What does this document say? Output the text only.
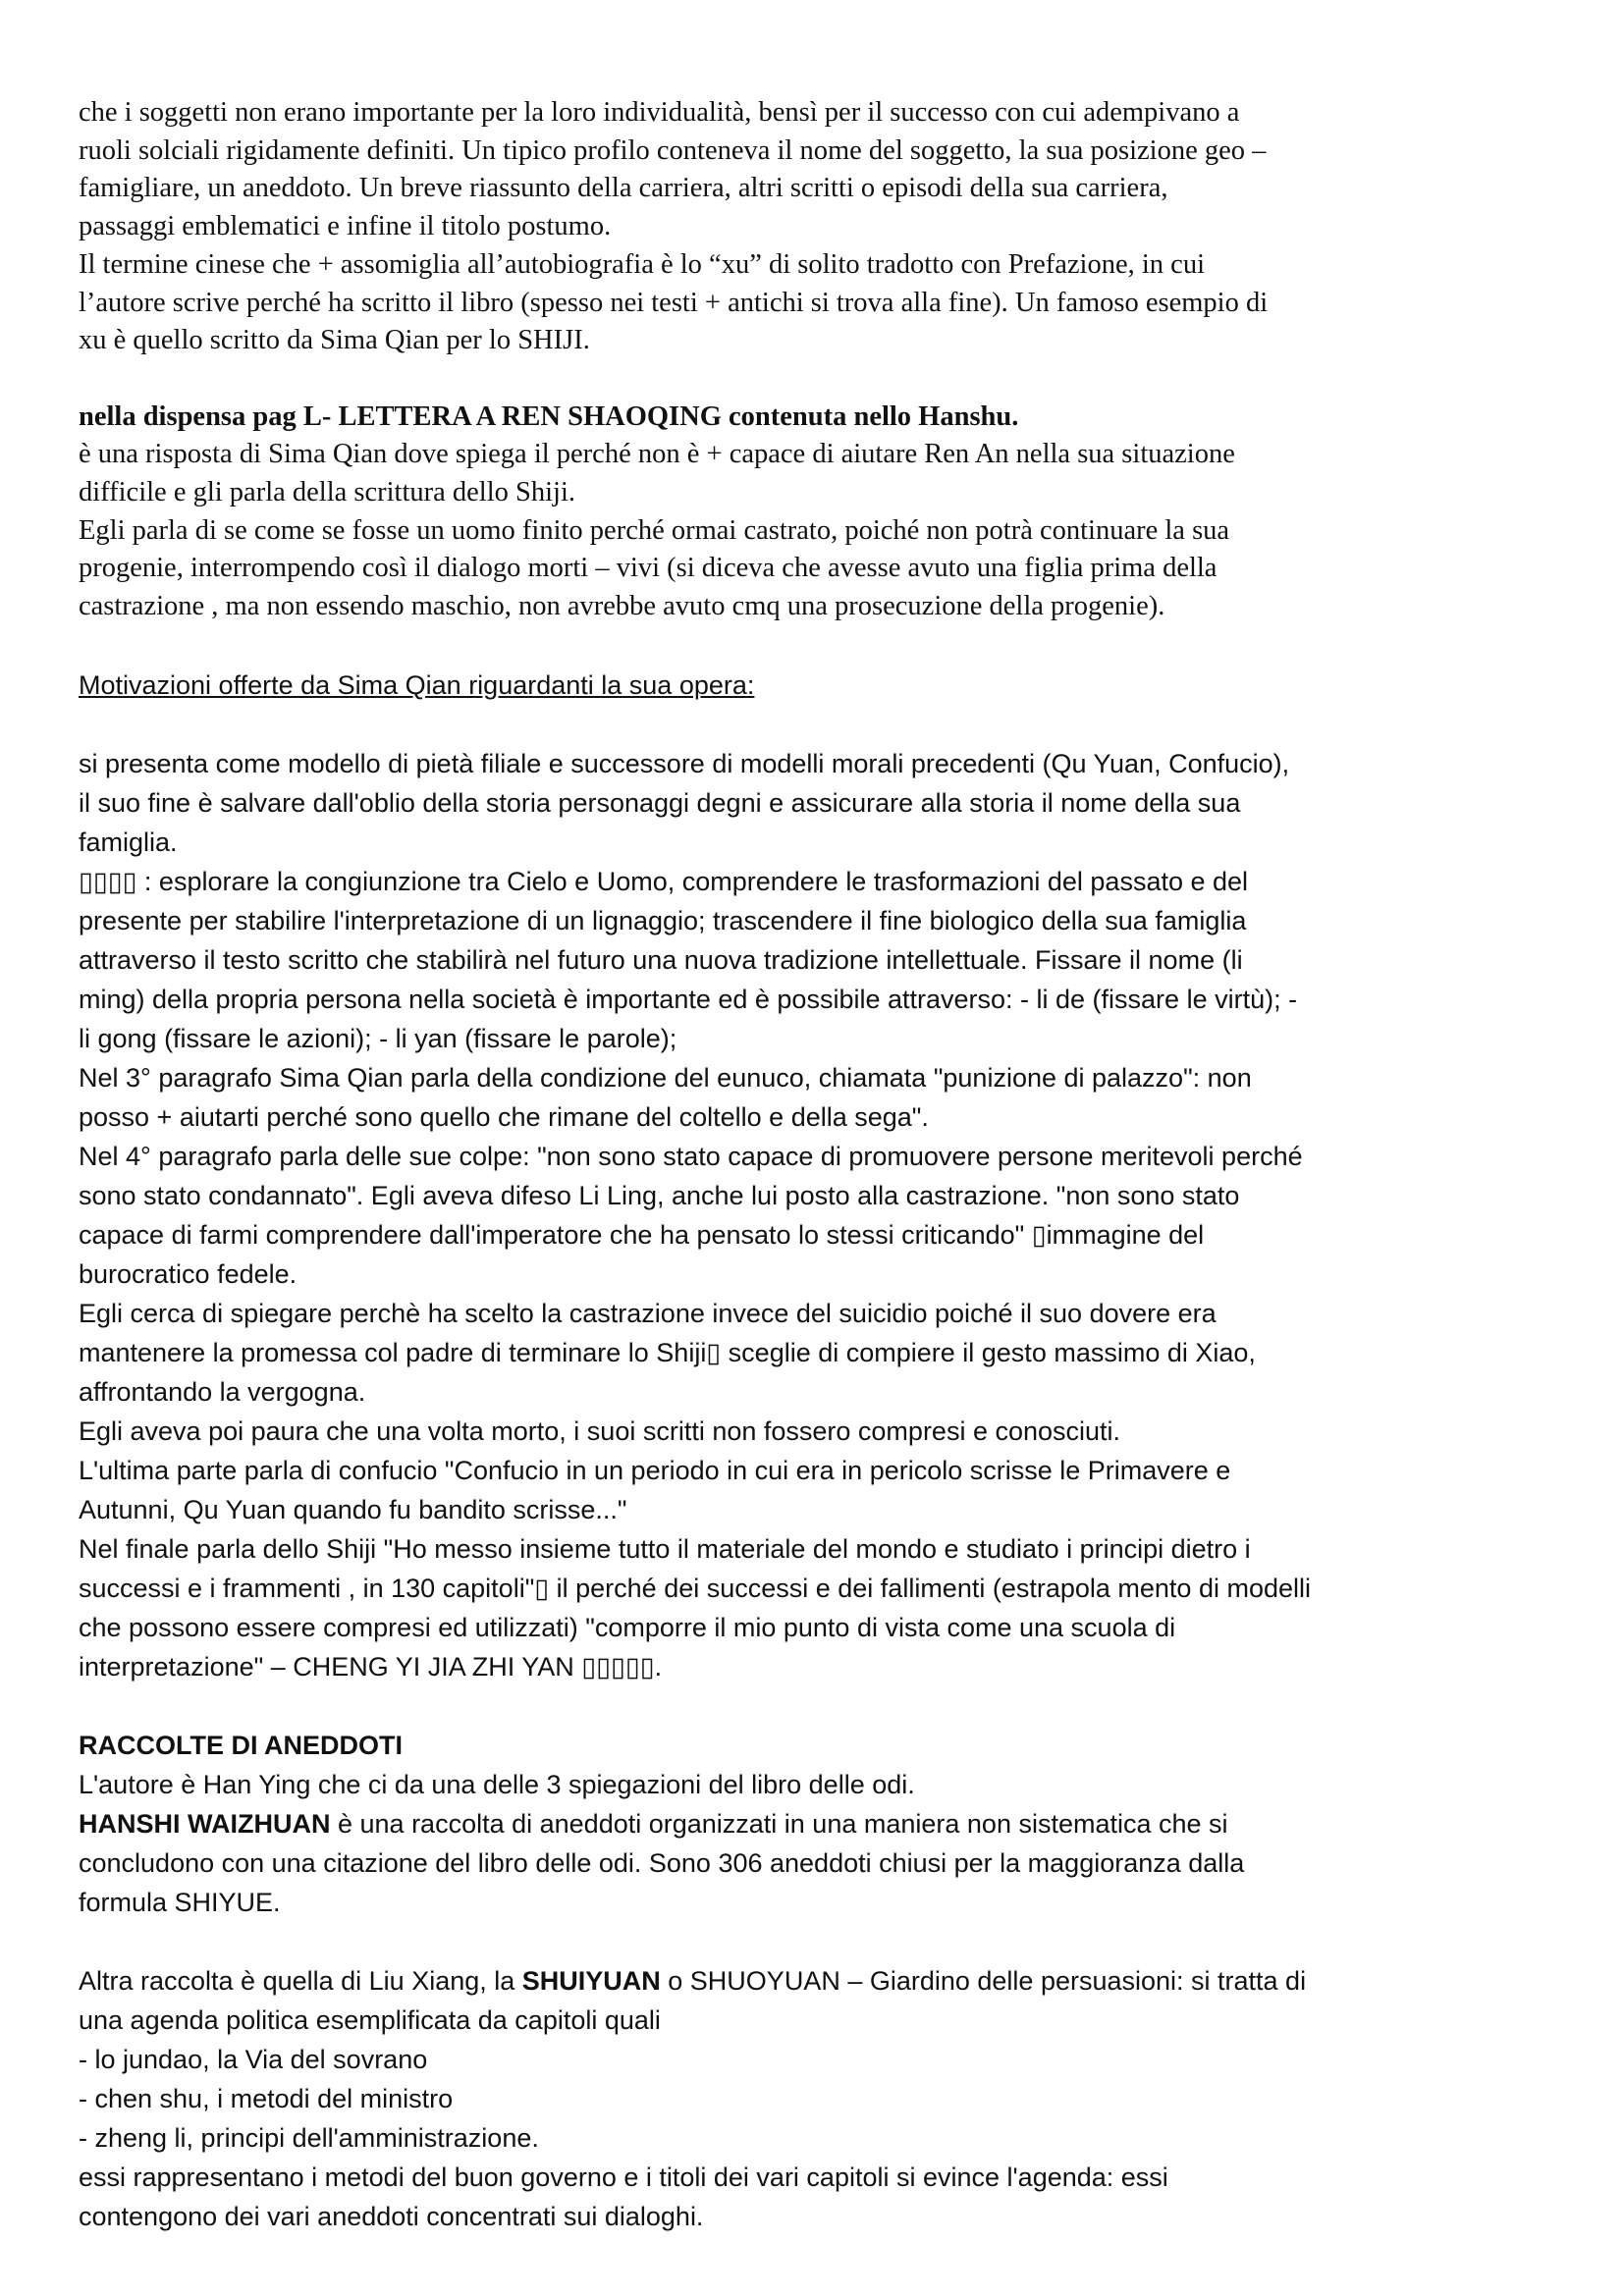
che i soggetti non erano importante per la loro individualità, bensì per il successo con cui adempivano a
ruoli solciali rigidamente definiti. Un tipico profilo conteneva il nome del soggetto, la sua posizione geo –
famigliare, un aneddoto. Un breve riassunto della carriera, altri scritti o episodi della sua carriera,
passaggi emblematici e infine il titolo postumo.
Il termine cinese che + assomiglia all’autobiografia è lo “xu” di solito tradotto con Prefazione, in cui
l’autore scrive perché ha scritto il libro (spesso nei testi + antichi si trova alla fine). Un famoso esempio di
xu è quello scritto da Sima Qian per lo SHIJI.
nella dispensa pag L- LETTERA A REN SHAOQING contenuta nello Hanshu.
è una risposta di Sima Qian dove spiega il perché non è + capace di aiutare Ren An nella sua situazione
difficile e gli parla della scrittura dello Shiji.
Egli parla di se come se fosse un uomo finito perché ormai castrato, poiché non potrà continuare la sua
progenie, interrompendo così il dialogo morti – vivi (si diceva che avesse avuto una figlia prima della
castrazione , ma non essendo maschio, non avrebbe avuto cmq una prosecuzione della progenie).
Motivazioni offerte da Sima Qian riguardanti la sua opera:
si presenta come modello di pietà filiale e successore di modelli morali precedenti (Qu Yuan, Confucio),
il suo fine è salvare dall'oblio della storia personaggi degni e assicurare alla storia il nome della sua
famiglia.
▯▯▯▯ : esplorare la congiunzione tra Cielo e Uomo, comprendere le trasformazioni del passato e del
presente per stabilire l'interpretazione di un lignaggio; trascendere il fine biologico della sua famiglia
attraverso il testo scritto che stabilirà nel futuro una nuova tradizione intellettuale. Fissare il nome (li
ming) della propria persona nella società è importante ed è possibile attraverso: - li de (fissare le virtù); -
li gong (fissare le azioni); - li yan (fissare le parole);
Nel 3° paragrafo Sima Qian parla della condizione del eunuco, chiamata "punizione di palazzo": non
posso + aiutarti perché sono quello che rimane del coltello e della sega".
Nel 4° paragrafo parla delle sue colpe: "non sono stato capace di promuovere persone meritevoli perché
sono stato condannato". Egli aveva difeso Li Ling, anche lui posto alla castrazione. "non sono stato
capace di farmi comprendere dall'imperatore che ha pensato lo stessi criticando" ▯immagine del
burocratico fedele.
Egli cerca di spiegare perchè ha scelto la castrazione invece del suicidio poiché il suo dovere era
mantenere la promessa col padre di terminare lo Shiji▯ sceglie di compiere il gesto massimo di Xiao,
affrontando la vergogna.
Egli aveva poi paura che una volta morto, i suoi scritti non fossero compresi e conosciuti.
L'ultima parte parla di confucio "Confucio in un periodo in cui era in pericolo scrisse le Primavere e
Autunni, Qu Yuan quando fu bandito scrisse..."
Nel finale parla dello Shiji "Ho messo insieme tutto il materiale del mondo e studiato i principi dietro i
successi e i frammenti , in 130 capitoli"▯ il perché dei successi e dei fallimenti (estrapola mento di modelli
che possono essere compresi ed utilizzati) "comporre il mio punto di vista come una scuola di
interpretazione" – CHENG YI JIA ZHI YAN ▯▯▯▯▯.
RACCOLTE DI ANEDDOTI
L'autore è Han Ying che ci da una delle 3 spiegazioni del libro delle odi.
HANSHI WAIZHUAN è una raccolta di aneddoti organizzati in una maniera non sistematica che si
concludono con una citazione del libro delle odi. Sono 306 aneddoti chiusi per la maggioranza dalla
formula SHIYUE.
Altra raccolta è quella di Liu Xiang, la SHUIYUAN o SHUOYUAN – Giardino delle persuasioni: si tratta di
una agenda politica esemplificata da capitoli quali
- lo jundao, la Via del sovrano
- chen shu, i metodi del ministro
- zheng li, principi dell'amministrazione.
essi rappresentano i metodi del buon governo e i titoli dei vari capitoli si evince l'agenda: essi
contengono dei vari aneddoti concentrati sui dialoghi.
